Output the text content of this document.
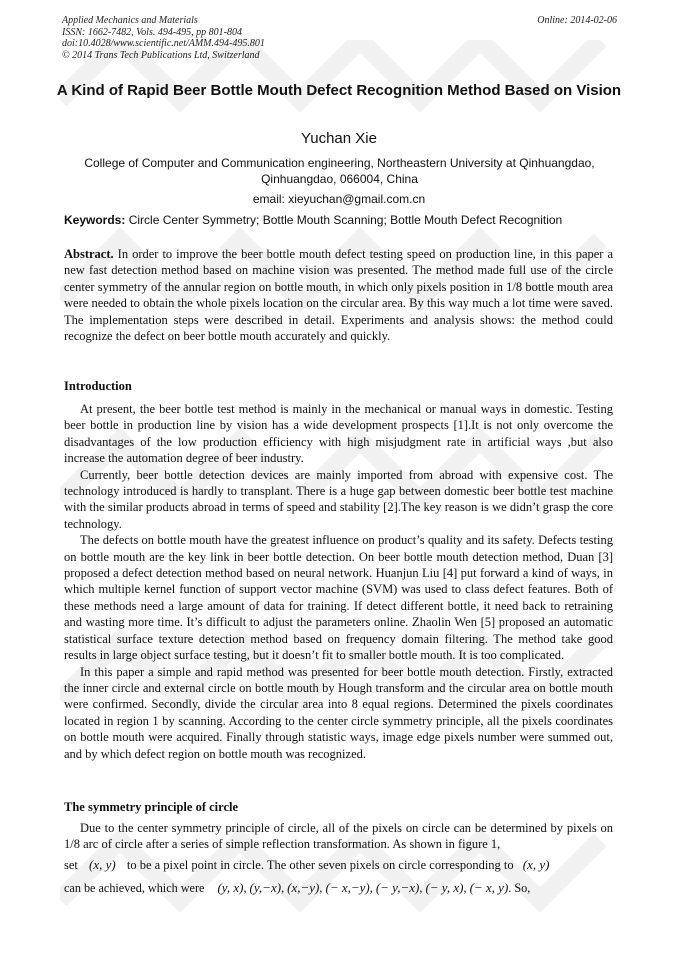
Applied Mechanics and Materials
ISSN: 1662-7482, Vols. 494-495, pp 801-804
doi:10.4028/www.scientific.net/AMM.494-495.801
© 2014 Trans Tech Publications Ltd, Switzerland
Online: 2014-02-06
A Kind of Rapid Beer Bottle Mouth Defect Recognition Method Based on Vision
Yuchan Xie
College of Computer and Communication engineering, Northeastern University at Qinhuangdao, Qinhuangdao, 066004, China
email: xieyuchan@gmail.com.cn
Keywords: Circle Center Symmetry; Bottle Mouth Scanning; Bottle Mouth Defect Recognition
Abstract. In order to improve the beer bottle mouth defect testing speed on production line, in this paper a new fast detection method based on machine vision was presented. The method made full use of the circle center symmetry of the annular region on bottle mouth, in which only pixels position in 1/8 bottle mouth area were needed to obtain the whole pixels location on the circular area. By this way much a lot time were saved. The implementation steps were described in detail. Experiments and analysis shows: the method could recognize the defect on beer bottle mouth accurately and quickly.
Introduction

At present, the beer bottle test method is mainly in the mechanical or manual ways in domestic. Testing beer bottle in production line by vision has a wide development prospects [1].It is not only overcome the disadvantages of the low production efficiency with high misjudgment rate in artificial ways ,but also increase the automation degree of beer industry.

Currently, beer bottle detection devices are mainly imported from abroad with expensive cost. The technology introduced is hardly to transplant. There is a huge gap between domestic beer bottle test machine with the similar products abroad in terms of speed and stability [2].The key reason is we didn’t grasp the core technology.

The defects on bottle mouth have the greatest influence on product’s quality and its safety. Defects testing on bottle mouth are the key link in beer bottle detection. On beer bottle mouth detection method, Duan [3] proposed a defect detection method based on neural network. Huanjun Liu [4] put forward a kind of ways, in which multiple kernel function of support vector machine (SVM) was used to class defect features. Both of these methods need a large amount of data for training. If detect different bottle, it need back to retraining and wasting more time. It’s difficult to adjust the parameters online. Zhaolin Wen [5] proposed an automatic statistical surface texture detection method based on frequency domain filtering. The method take good results in large object surface testing, but it doesn’t fit to smaller bottle mouth. It is too complicated.

In this paper a simple and rapid method was presented for beer bottle mouth detection. Firstly, extracted the inner circle and external circle on bottle mouth by Hough transform and the circular area on bottle mouth were confirmed. Secondly, divide the circular area into 8 equal regions. Determined the pixels coordinates located in region 1 by scanning. According to the center circle symmetry principle, all the pixels coordinates on bottle mouth were acquired. Finally through statistic ways, image edge pixels number were summed out, and by which defect region on bottle mouth was recognized.

The symmetry principle of circle

Due to the center symmetry principle of circle, all of the pixels on circle can be determined by pixels on 1/8 arc of circle after a series of simple reflection transformation. As shown in figure 1,

set (x, y) to be a pixel point in circle. The other seven pixels on circle corresponding to (x, y)
can be achieved, which were (y, x), (y,−x), (x,−y), (− x,−y), (− y,−x), (− y, x), (− x, y). So,
